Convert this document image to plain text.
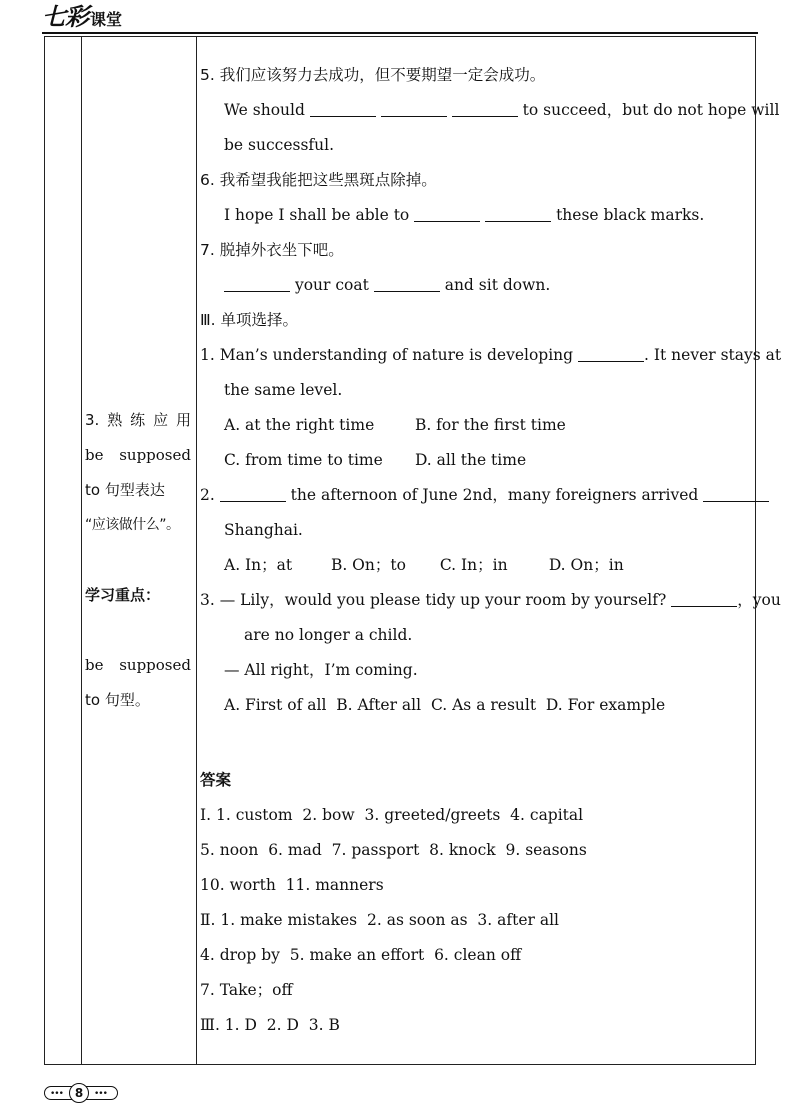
七彩 课堂
3. 熟 练 应 用
be supposed
to 句型表达
“应该做什么”。
学习重点：
be supposed
to 句型。
5. 我们应该努力去成功，但不要期望一定会成功。
We should	to succeed，but do not hope will
be successful.
6. 我希望我能把这些黑斑点除掉。
I hope I shall be able to	these black marks.
7. 脱掉外衣坐下吧。
your coat	and sit down.
Ⅲ. 单项选择。
1. Man’s understanding of nature is developing	. It never stays at
the same level.
A. at the right time	B. for the first time
C. from time to time D. all the time
2.	the afternoon of June 2nd，many foreigners arrived
Shanghai.
A. In；at	B. On；to C. In；in	D. On；in
3. — Lily，would you please tidy up your room by yourself?	，you
are no longer a child.
— All right，I’m coming.
A. First of all B. After all C. As a result D. For example
答案
Ⅰ. 1. custom  2. bow  3. greeted/greets  4. capital
5. noon  6. mad  7. passport  8. knock  9. seasons
10. worth  11. manners
Ⅱ. 1. make mistakes  2. as soon as  3. after all
4. drop by  5. make an effort  6. clean off
7. Take；off
Ⅲ. 1. D  2. D  3. B
••• 8	•••
